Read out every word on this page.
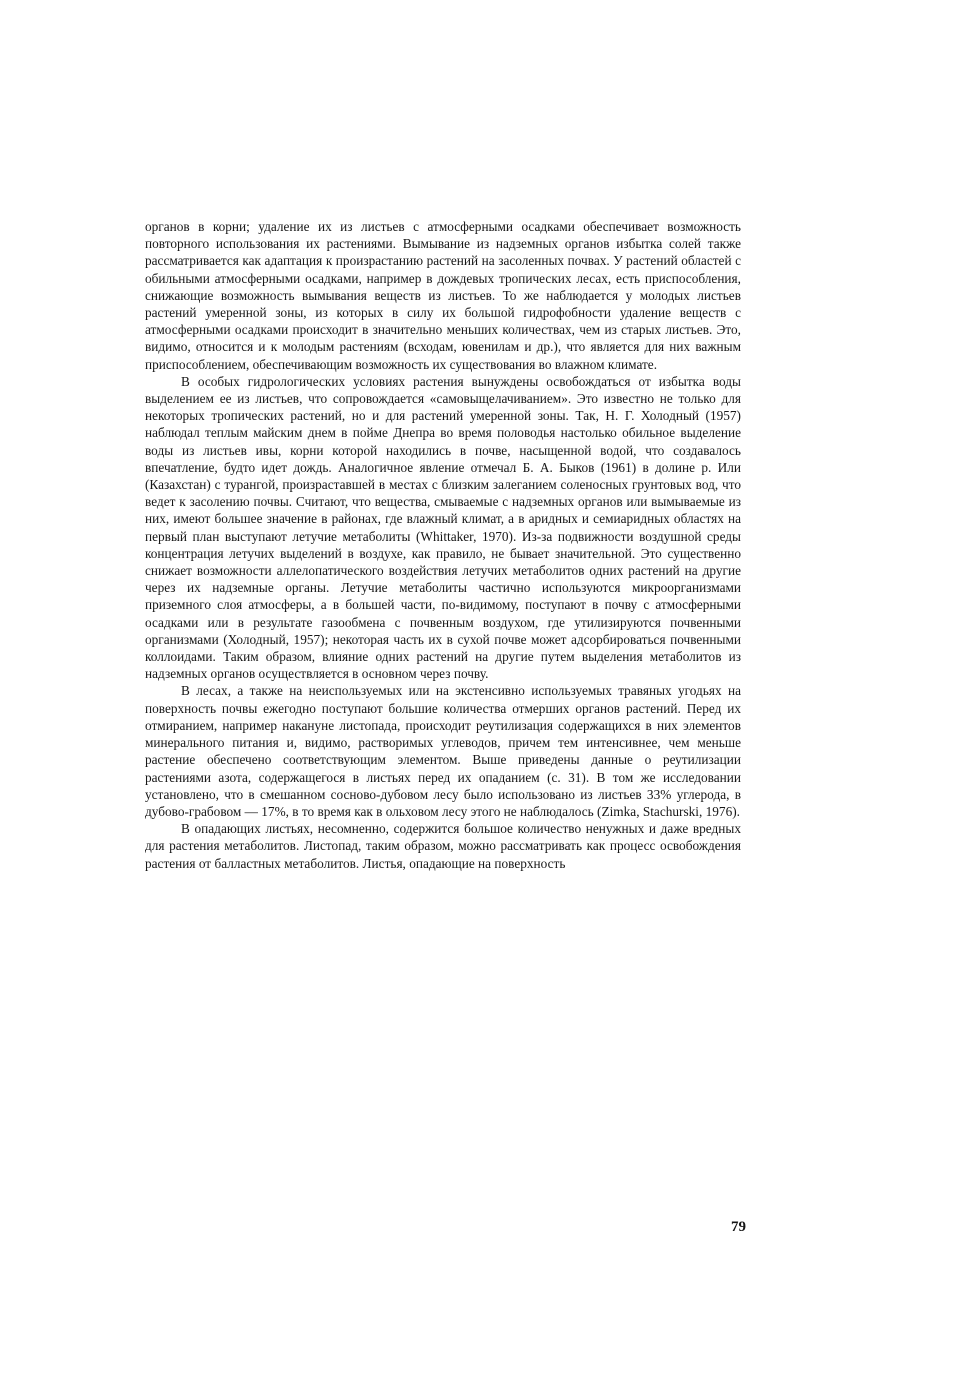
органов в корни; удаление их из листьев с атмосферными осадками обеспечивает возможность повторного использования их растениями. Вымывание из надземных органов избытка солей также рассматривается как адаптация к произрастанию растений на засоленных почвах. У растений областей с обильными атмосферными осадками, например в дождевых тропических лесах, есть приспособления, снижающие возможность вымывания веществ из листьев. То же наблюдается у молодых листьев растений умеренной зоны, из которых в силу их большой гидрофобности удаление веществ с атмосферными осадками происходит в значительно меньших количествах, чем из старых листьев. Это, видимо, относится и к молодым растениям (всходам, ювенилам и др.), что является для них важным приспособлением, обеспечивающим возможность их существования во влажном климате.

В особых гидрологических условиях растения вынуждены освобождаться от избытка воды выделением ее из листьев, что сопровождается «самовыщелачиванием». Это известно не только для некоторых тропических растений, но и для растений умеренной зоны. Так, Н. Г. Холодный (1957) наблюдал теплым майским днем в пойме Днепра во время половодья настолько обильное выделение воды из листьев ивы, корни которой находились в почве, насыщенной водой, что создавалось впечатление, будто идет дождь. Аналогичное явление отмечал Б. А. Быков (1961) в долине р. Или (Казахстан) с турангой, произраставшей в местах с близким залеганием соленосных грунтовых вод, что ведет к засолению почвы. Считают, что вещества, смываемые с надземных органов или вымываемые из них, имеют большее значение в районах, где влажный климат, а в аридных и семиаридных областях на первый план выступают летучие метаболиты (Whittaker, 1970). Из-за подвижности воздушной среды концентрация летучих выделений в воздухе, как правило, не бывает значительной. Это существенно снижает возможности аллелопатического воздействия летучих метаболитов одних растений на другие через их надземные органы. Летучие метаболиты частично используются микроорганизмами приземного слоя атмосферы, а в большей части, по-видимому, поступают в почву с атмосферными осадками или в результате газообмена с почвенным воздухом, где утилизируются почвенными организмами (Холодный, 1957); некоторая часть их в сухой почве может адсорбироваться почвенными коллоидами. Таким образом, влияние одних растений на другие путем выделения метаболитов из надземных органов осуществляется в основном через почву.

В лесах, а также на неиспользуемых или на экстенсивно используемых травяных угодьях на поверхность почвы ежегодно поступают большие количества отмерших органов растений. Перед их отмиранием, например накануне листопада, происходит реутилизация содержащихся в них элементов минерального питания и, видимо, растворимых углеводов, причем тем интенсивнее, чем меньше растение обеспечено соответствующим элементом. Выше приведены данные о реутилизации растениями азота, содержащегося в листьях перед их опаданием (с. 31). В том же исследовании установлено, что в смешанном сосново-дубовом лесу было использовано из листьев 33% углерода, в дубово-грабовом — 17%, в то время как в ольховом лесу этого не наблюдалось (Zimka, Stachurski, 1976).

В опадающих листьях, несомненно, содержится большое количество ненужных и даже вредных для растения метаболитов. Листопад, таким образом, можно рассматривать как процесс освобождения растения от балластных метаболитов. Листья, опадающие на поверхность

79
